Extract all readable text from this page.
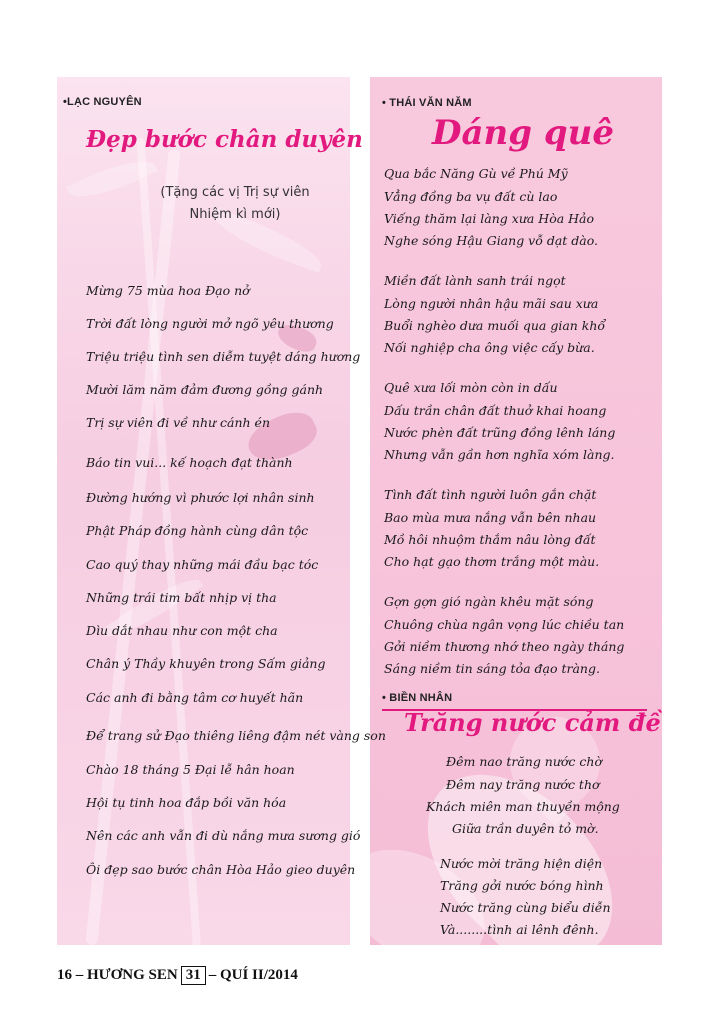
•LẠC NGUYÊN
Đẹp bước chân duyên
(Tặng các vị Trị sự viên
Nhiệm kì mới)
Mừng 75 mùa hoa Đạo nở
Trời đất lòng người mở ngõ yêu thương
Triệu triệu tình sen diễm tuyệt dáng hương
Mười lăm năm đảm đương gồng gánh
Trị sự viên đi về như cánh én
Báo tin vui... kế hoạch đạt thành
Đường hướng vì phước lợi nhân sinh
Phật Pháp đồng hành cùng dân tộc
Cao quý thay những mái đầu bạc tóc
Những trái tim bất nhịp vị tha
Dìu dắt nhau như con một cha
Chân ý Thầy khuyên trong Sấm giảng
Các anh đi bằng tâm cơ huyết hãn
Để trang sử Đạo thiêng liêng đậm nét vàng son
Chào 18 tháng 5 Đại lễ hân hoan
Hội tụ tinh hoa đắp bồi văn hóa
Nên các anh vẫn đi dù nắng mưa sương gió
Ôi đẹp sao bước chân Hòa Hảo gieo duyên
• THÁI VĂN NĂM
Dáng quê
Qua bắc Năng Gù về Phú Mỹ
Vẳng đồng ba vụ đất cù lao
Viếng thăm lại làng xưa Hòa Hảo
Nghe sóng Hậu Giang vỗ dạt dào.
Miền đất lành sanh trái ngọt
Lòng người nhân hậu mãi sau xưa
Buổi nghèo dưa muối qua gian khổ
Nối nghiệp cha ông việc cấy bừa.
Quê xưa lối mòn còn in dấu
Dấu trần chân đất thuở khai hoang
Nước phèn đất trũng đồng lênh láng
Nhưng vẫn gần hơn nghĩa xóm làng.
Tình đất tình người luôn gắn chặt
Bao mùa mưa nắng vẫn bên nhau
Mồ hôi nhuộm thắm nâu lòng đất
Cho hạt gạo thơm trắng một màu.
Gợn gợn gió ngàn khêu mặt sóng
Chuông chùa ngân vọng lúc chiều tan
Gởi niềm thương nhớ theo ngày tháng
Sáng niềm tin sáng tỏa đạo tràng.
• BIỀN NHÂN
Trăng nước cảm đề
Đêm nao trăng nước chờ
Đêm nay trăng nước thơ
Khách miên man thuyền mộng
Giữa trần duyên tỏ mờ.
Nước mời trăng hiện diện
Trăng gởi nước bóng hình
Nước trăng cùng biểu diễn
Và........tình ai lênh đênh.
16 – HƯƠNG SEN 31 – QUÍ II/2014
